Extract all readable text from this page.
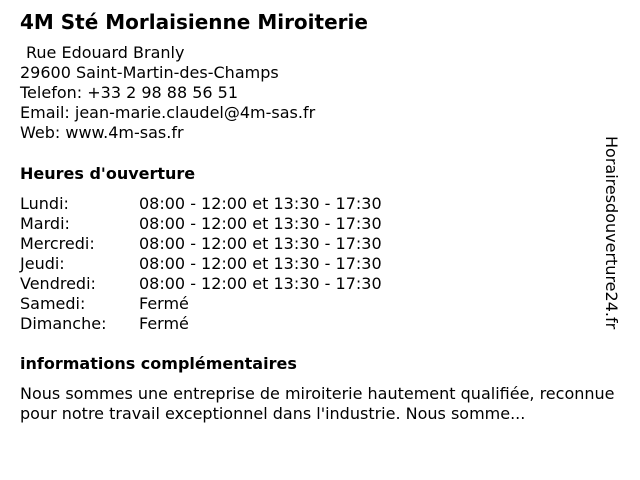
4M Sté Morlaisienne Miroiterie
Rue Edouard Branly
29600 Saint-Martin-des-Champs
Telefon: +33 2 98 88 56 51
Email: jean-marie.claudel@4m-sas.fr
Web: www.4m-sas.fr
Heures d'ouverture
Lundi:	08:00 - 12:00 et 13:30 - 17:30
Mardi:	08:00 - 12:00 et 13:30 - 17:30
Mercredi:	08:00 - 12:00 et 13:30 - 17:30
Jeudi:	08:00 - 12:00 et 13:30 - 17:30
Vendredi:	08:00 - 12:00 et 13:30 - 17:30
Samedi:	Fermé
Dimanche:	Fermé
informations complémentaires
Nous sommes une entreprise de miroiterie hautement qualifiée, reconnue pour notre travail exceptionnel dans l'industrie. Nous somme...
Horairesdouverture24.fr
